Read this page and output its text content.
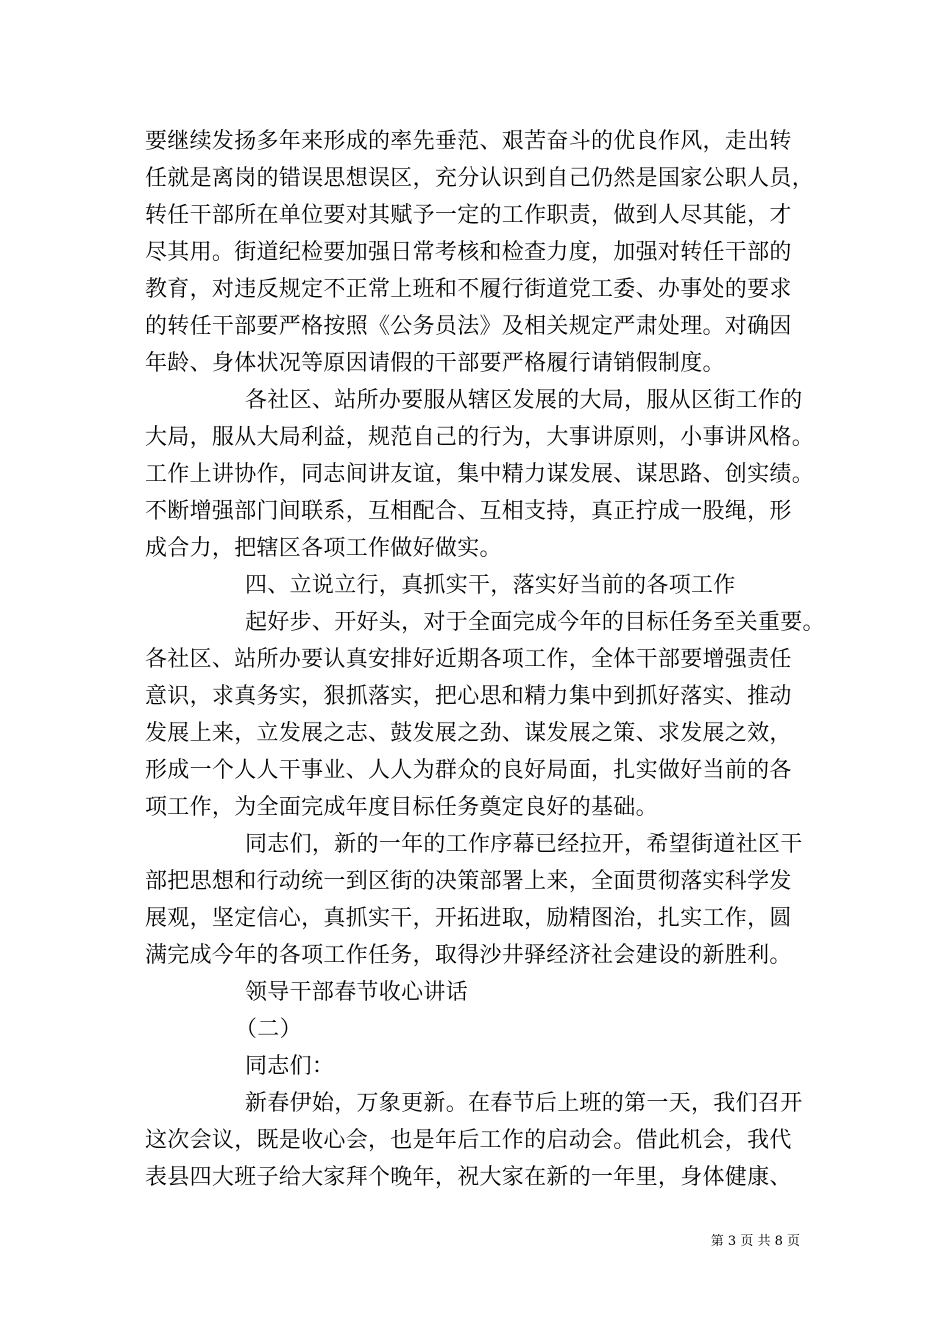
要继续发扬多年来形成的率先垂范、艰苦奋斗的优良作风，走出转
任就是离岗的错误思想误区，充分认识到自己仍然是国家公职人员，
转任干部所在单位要对其赋予一定的工作职责，做到人尽其能，才
尽其用。街道纪检要加强日常考核和检查力度，加强对转任干部的
教育，对违反规定不正常上班和不履行街道党工委、办事处的要求
的转任干部要严格按照《公务员法》及相关规定严肃处理。对确因
年龄、身体状况等原因请假的干部要严格履行请销假制度。
各社区、站所办要服从辖区发展的大局，服从区街工作的
大局，服从大局利益，规范自己的行为，大事讲原则，小事讲风格。
工作上讲协作，同志间讲友谊，集中精力谋发展、谋思路、创实绩。
不断增强部门间联系，互相配合、互相支持，真正拧成一股绳，形
成合力，把辖区各项工作做好做实。
四、立说立行，真抓实干，落实好当前的各项工作
起好步、开好头，对于全面完成今年的目标任务至关重要。
各社区、站所办要认真安排好近期各项工作，全体干部要增强责任
意识，求真务实，狠抓落实，把心思和精力集中到抓好落实、推动
发展上来，立发展之志、鼓发展之劲、谋发展之策、求发展之效，
形成一个人人干事业、人人为群众的良好局面，扎实做好当前的各
项工作，为全面完成年度目标任务奠定良好的基础。
同志们，新的一年的工作序幕已经拉开，希望街道社区干
部把思想和行动统一到区街的决策部署上来，全面贯彻落实科学发
展观，坚定信心，真抓实干，开拓进取，励精图治，扎实工作，圆
满完成今年的各项工作任务，取得沙井驿经济社会建设的新胜利。
领导干部春节收心讲话
（二）
同志们：
新春伊始，万象更新。在春节后上班的第一天，我们召开
这次会议，既是收心会，也是年后工作的启动会。借此机会，我代
表县四大班子给大家拜个晚年，祝大家在新的一年里，身体健康、
第 3 页 共 8 页
